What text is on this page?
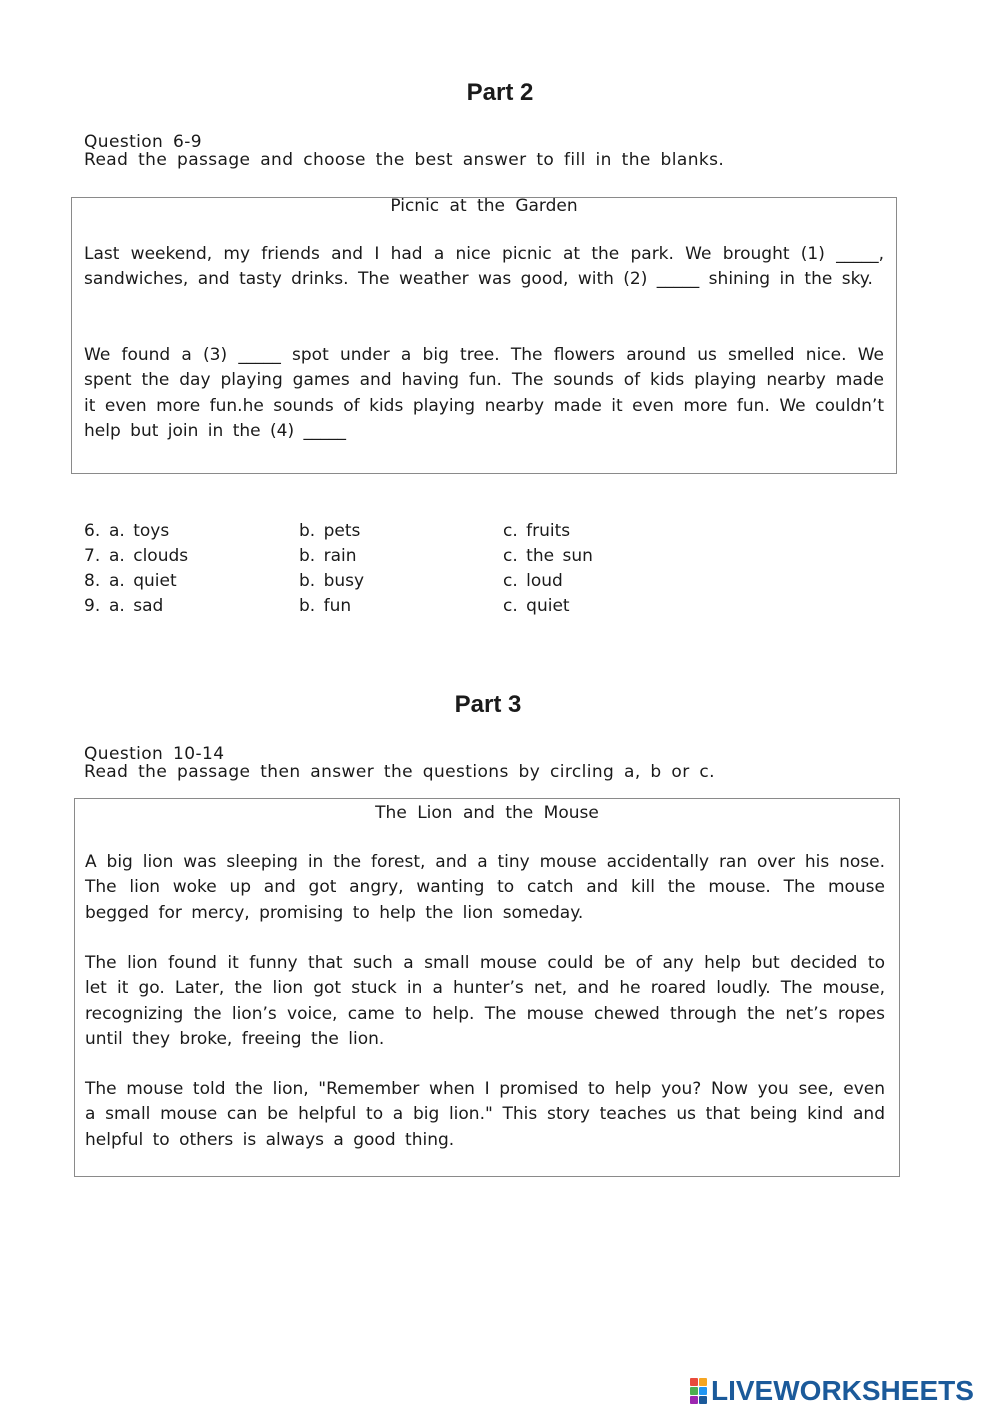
Part 2
Question 6-9
Read the passage and choose the best answer to fill in the blanks.
Picnic at the Garden

Last weekend, my friends and I had a nice picnic at the park. We brought (1) _____, sandwiches, and tasty drinks. The weather was good, with (2) _____ shining in the sky.

We found a (3) _____ spot under a big tree. The flowers around us smelled nice. We spent the day playing games and having fun. The sounds of kids playing nearby made it even more fun.he sounds of kids playing nearby made it even more fun. We couldn’t help but join in the (4) _____

6. a. toys	b. pets	c. fruits
7. a. clouds	b. rain	c. the sun
8. a. quiet	b. busy	c. loud
9. a. sad	b. fun	c. quiet
Part 3
Question 10-14
Read the passage then answer the questions by circling a, b or c.
The Lion and the Mouse

A big lion was sleeping in the forest, and a tiny mouse accidentally ran over his nose. The lion woke up and got angry, wanting to catch and kill the mouse. The mouse begged for mercy, promising to help the lion someday.

The lion found it funny that such a small mouse could be of any help but decided to let it go. Later, the lion got stuck in a hunter’s net, and he roared loudly. The mouse, recognizing the lion’s voice, came to help. The mouse chewed through the net’s ropes until they broke, freeing the lion.

The mouse told the lion, "Remember when I promised to help you? Now you see, even a small mouse can be helpful to a big lion." This story teaches us that being kind and helpful to others is always a good thing.

LIVEWORKSHEETS
